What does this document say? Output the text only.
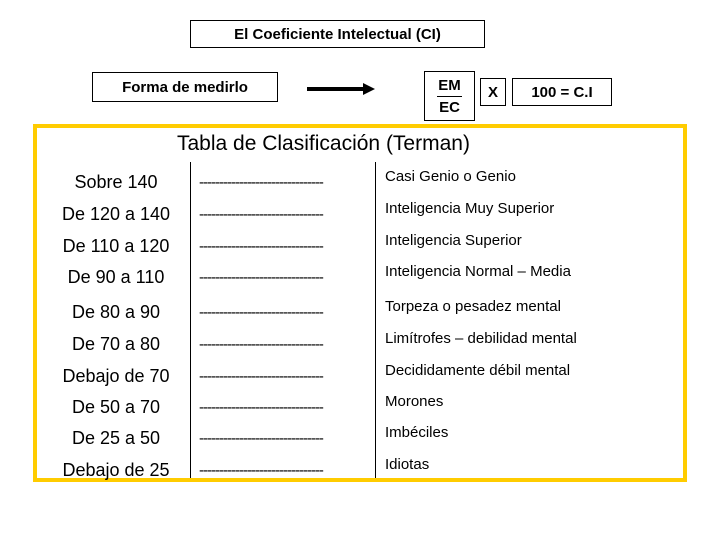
El Coeficiente Intelectual (CI)
Forma de medirlo	$\frac{EM}{EC}$ X 100 = C.I
Tabla de Clasificación (Terman)
Sobre 140	-------------------------------	Casi Genio o Genio
De 120 a 140	-------------------------------	Inteligencia Muy Superior
De 110 a 120	-------------------------------	Inteligencia Superior
De 90 a 110	-------------------------------	Inteligencia Normal – Media
De 80 a 90	-------------------------------	Torpeza o pesadez mental
De 70 a 80	-------------------------------	Limítrofes – debilidad mental
Debajo de 70	-------------------------------	Decididamente débil mental
De 50 a 70	-------------------------------	Morones
De 25 a 50	-------------------------------	Imbéciles
Debajo de 25	-------------------------------	Idiotas
